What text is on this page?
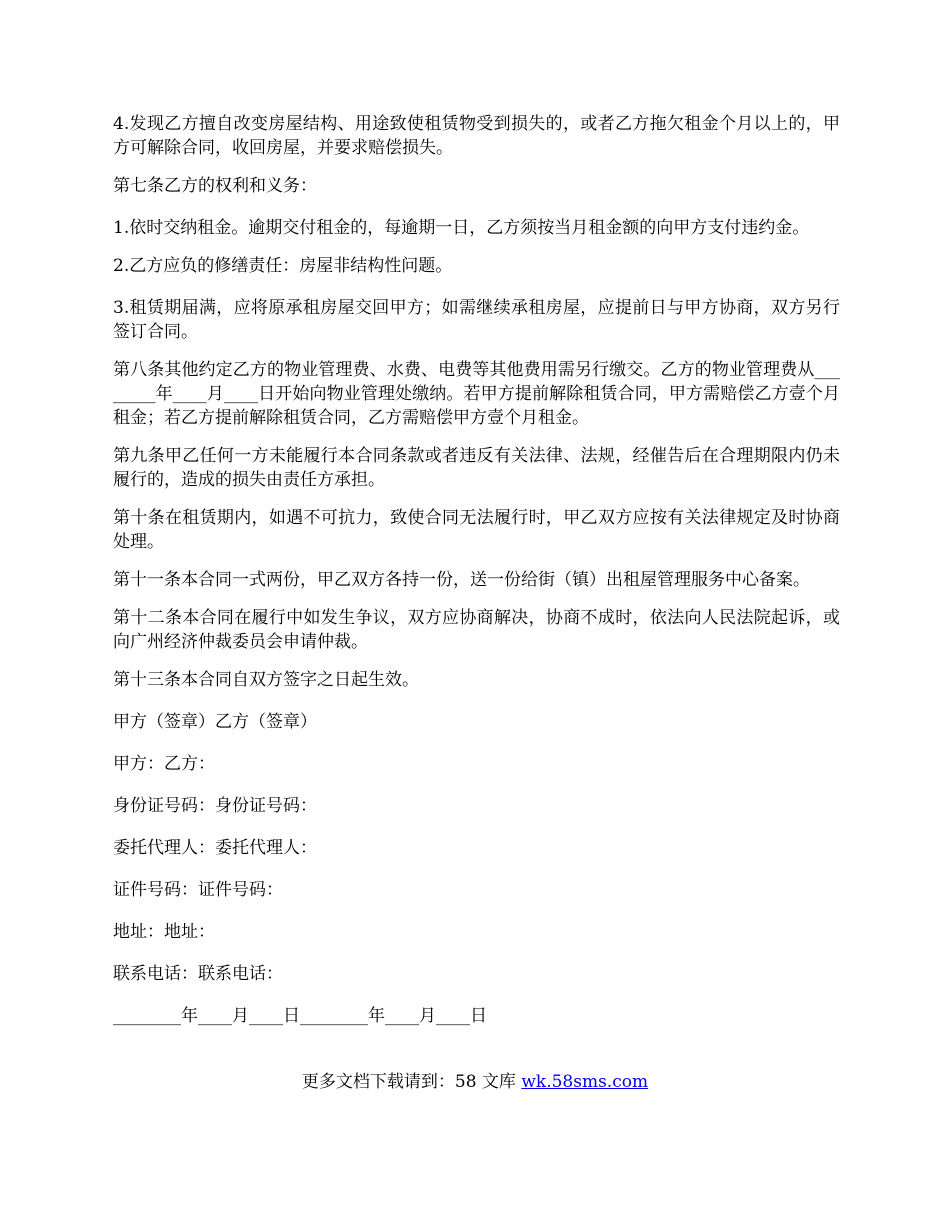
4.发现乙方擅自改变房屋结构、用途致使租赁物受到损失的，或者乙方拖欠租金个月以上的，甲方可解除合同，收回房屋，并要求赔偿损失。

第七条乙方的权利和义务：

1.依时交纳租金。逾期交付租金的，每逾期一日，乙方须按当月租金额的向甲方支付违约金。

2.乙方应负的修缮责任：房屋非结构性问题。

3.租赁期届满，应将原承租房屋交回甲方；如需继续承租房屋，应提前日与甲方协商，双方另行签订合同。

第八条其他约定乙方的物业管理费、水费、电费等其他费用需另行缴交。乙方的物业管理费从________年____月____日开始向物业管理处缴纳。若甲方提前解除租赁合同，甲方需赔偿乙方壹个月租金；若乙方提前解除租赁合同，乙方需赔偿甲方壹个月租金。

第九条甲乙任何一方未能履行本合同条款或者违反有关法律、法规，经催告后在合理期限内仍未履行的，造成的损失由责任方承担。

第十条在租赁期内，如遇不可抗力，致使合同无法履行时，甲乙双方应按有关法律规定及时协商处理。

第十一条本合同一式两份，甲乙双方各持一份，送一份给街（镇）出租屋管理服务中心备案。

第十二条本合同在履行中如发生争议，双方应协商解决，协商不成时，依法向人民法院起诉，或向广州经济仲裁委员会申请仲裁。

第十三条本合同自双方签字之日起生效。

甲方（签章）乙方（签章）

甲方：乙方：

身份证号码：身份证号码：

委托代理人：委托代理人：

证件号码：证件号码：

地址：地址：

联系电话：联系电话：

________年____月____日________年____月____日

更多文档下载请到：58 文库 wk.58sms.com
